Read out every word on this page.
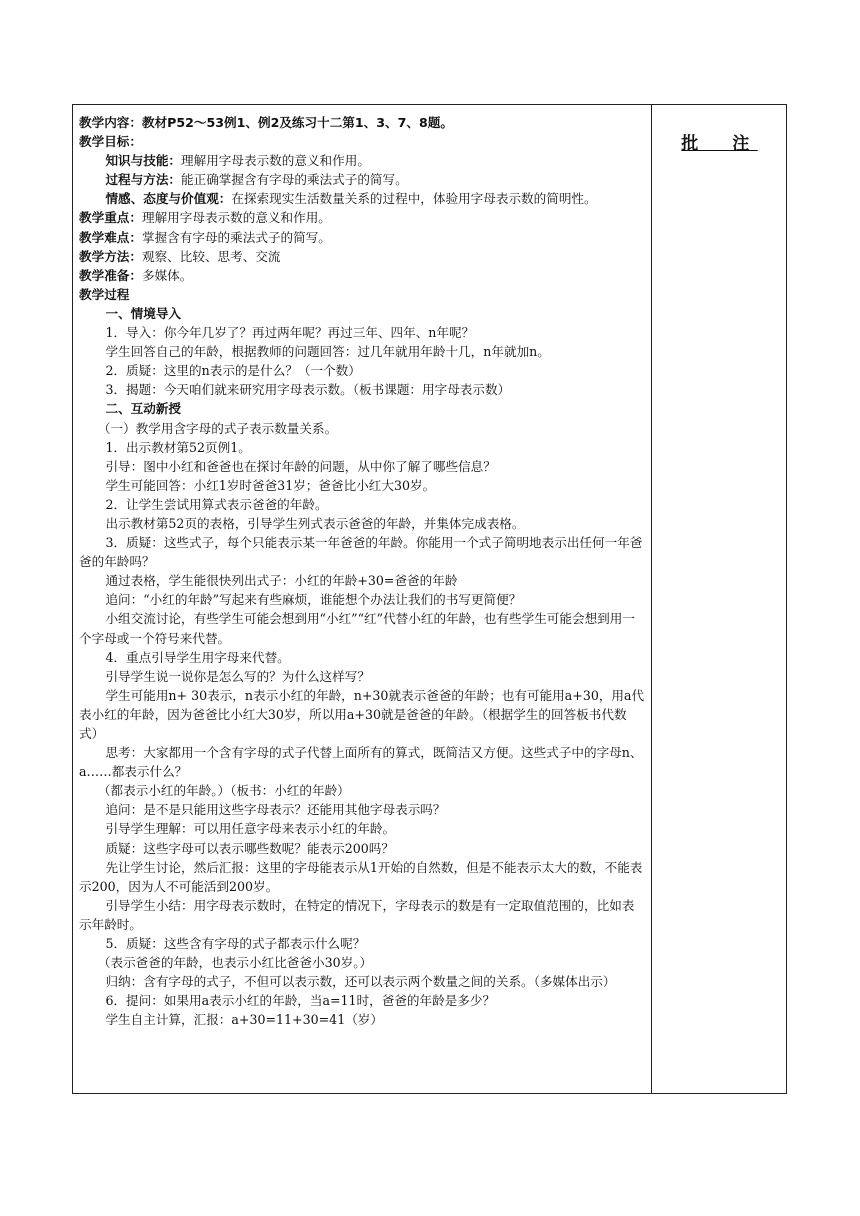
批　注

教学内容：教材P52～53例1、例2及练习十二第1、3、7、8题。

教学目标：

知识与技能：理解用字母表示数的意义和作用。

过程与方法：能正确掌握含有字母的乘法式子的简写。

情感、态度与价值观：在探索现实生活数量关系的过程中，体验用字母表示数的简明性。

教学重点：理解用字母表示数的意义和作用。

教学难点：掌握含有字母的乘法式子的简写。

教学方法：观察、比较、思考、交流

教学准备：多媒体。

教学过程

一、情境导入

1．导入：你今年几岁了？再过两年呢？再过三年、四年、n年呢？

学生回答自己的年龄，根据教师的问题回答：过几年就用年龄十几，n年就加n。

2．质疑：这里的n表示的是什么？（一个数）

3．揭题：今天咱们就来研究用字母表示数。（板书课题：用字母表示数）

二、互动新授

（一）教学用含字母的式子表示数量关系。

1．出示教材第52页例1。

引导：图中小红和爸爸也在探讨年龄的问题，从中你了解了哪些信息？

学生可能回答：小红1岁时爸爸31岁；爸爸比小红大30岁。

2．让学生尝试用算式表示爸爸的年龄。

出示教材第52页的表格，引导学生列式表示爸爸的年龄，并集体完成表格。

3．质疑：这些式子，每个只能表示某一年爸爸的年龄。你能用一个式子简明地表示出任何一年爸爸的年龄吗？

通过表格，学生能很快列出式子：小红的年龄+30=爸爸的年龄

追问：“小红的年龄”写起来有些麻烦，谁能想个办法让我们的书写更简便？

小组交流讨论，有些学生可能会想到用“小红”“红”代替小红的年龄，也有些学生可能会想到用一个字母或一个符号来代替。

4．重点引导学生用字母来代替。

引导学生说一说你是怎么写的？为什么这样写？

学生可能用n+ 30表示，n表示小红的年龄，n+30就表示爸爸的年龄；也有可能用a+30，用a代表小红的年龄，因为爸爸比小红大30岁，所以用a+30就是爸爸的年龄。（根据学生的回答板书代数式）

思考：大家都用一个含有字母的式子代替上面所有的算式，既简洁又方便。这些式子中的字母n、a……都表示什么？

（都表示小红的年龄。）（板书：小红的年龄）

追问：是不是只能用这些字母表示？还能用其他字母表示吗？

引导学生理解：可以用任意字母来表示小红的年龄。

质疑：这些字母可以表示哪些数呢？能表示200吗？

先让学生讨论，然后汇报：这里的字母能表示从1开始的自然数，但是不能表示太大的数，不能表示200，因为人不可能活到200岁。

引导学生小结：用字母表示数时，在特定的情况下，字母表示的数是有一定取值范围的，比如表示年龄时。

5．质疑：这些含有字母的式子都表示什么呢？

（表示爸爸的年龄，也表示小红比爸爸小30岁。）

归纳：含有字母的式子，不但可以表示数，还可以表示两个数量之间的关系。（多媒体出示）

6．提问：如果用a表示小红的年龄，当a=11时，爸爸的年龄是多少？

学生自主计算，汇报：a+30=11+30=41（岁）
